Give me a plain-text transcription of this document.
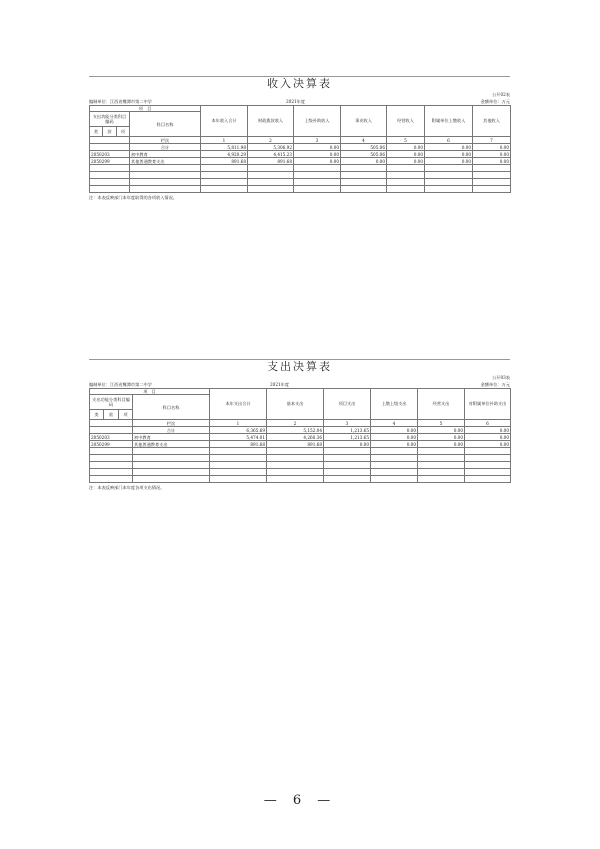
收入决算表
公开02表
编制单位：江西省鹰潭市第二中学	2021年度	金额单位：万元
项　目				本年收入合计	财政拨款收入	上级补助收入	事业收入	经营收入	附属单位上缴收入	其他收入
支出功能分类科目编码			科目名称							
类	款	项								
			栏次	1	2	3	4	5	6	7
			合计	5,811.98	5,306.92	0.00	505.06	0.00	0.00	0.00
2050203			初中教育	4,920.29	4,415.23	0.00	505.06	0.00	0.00	0.00
2050299			其他普通教育支出	891.68	891.68	0.00	0.00	0.00	0.00	0.00

注：本表反映部门本年度取得的各项收入情况。
支出决算表
公开03表
编制单位：江西省鹰潭市第二中学	2021年度	金额单位：万元
项　目				本年支出合计	基本支出	项目支出	上缴上级支出	经营支出	对附属单位补助支出
支出功能分类科目编码			科目名称						
类	款	项							
			栏次	1	2	3	4	5	6
			合计	6,365.69	5,152.04	1,213.65	0.00	0.00	0.00
2050203			初中教育	5,474.01	4,260.36	1,213.65	0.00	0.00	0.00
2050299			其他普通教育支出	891.68	891.68	0.00	0.00	0.00	0.00

注：本表反映部门本年度各项支出情况。
— 6 —
